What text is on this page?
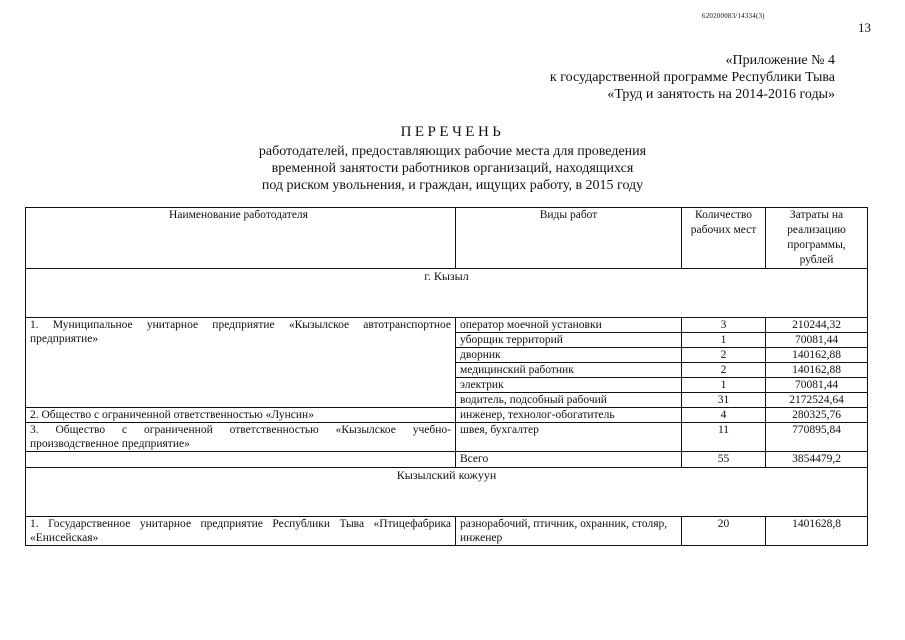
620200083/14334(3)
13
«Приложение № 4
к государственной программе Республики Тыва
«Труд и занятость на 2014-2016 годы»
ПЕРЕЧЕНЬ
работодателей, предоставляющих рабочие места для проведения
временной занятости работников организаций, находящихся
под риском увольнения, и граждан, ищущих работу, в 2015 году
Наименование работодателя	Виды работ	Количество рабочих мест	Затраты на реализацию программы, рублей
г. Кызыл			
1. Муниципальное унитарное предприятие «Кызылское автотранспортное предприятие»	оператор моечной установки	3	210244,32
	уборщик территорий	1	70081,44
	дворник	2	140162,88
	медицинский работник	2	140162,88
	электрик	1	70081,44
	водитель, подсобный рабочий	31	2172524,64
2. Общество с ограниченной ответственностью «Лунсин»	инженер, технолог-обогатитель	4	280325,76
3. Общество с ограниченной ответственностью «Кызылское учебно-производственное предприятие»	швея, бухгалтер	11	770895,84
	Всего	55	3854479,2
Кызылский кожуун			
1. Государственное унитарное предприятие Республики Тыва «Птицефабрика «Енисейская»	разнорабочий, птичник, охранник, столяр, инженер	20	1401628,8
